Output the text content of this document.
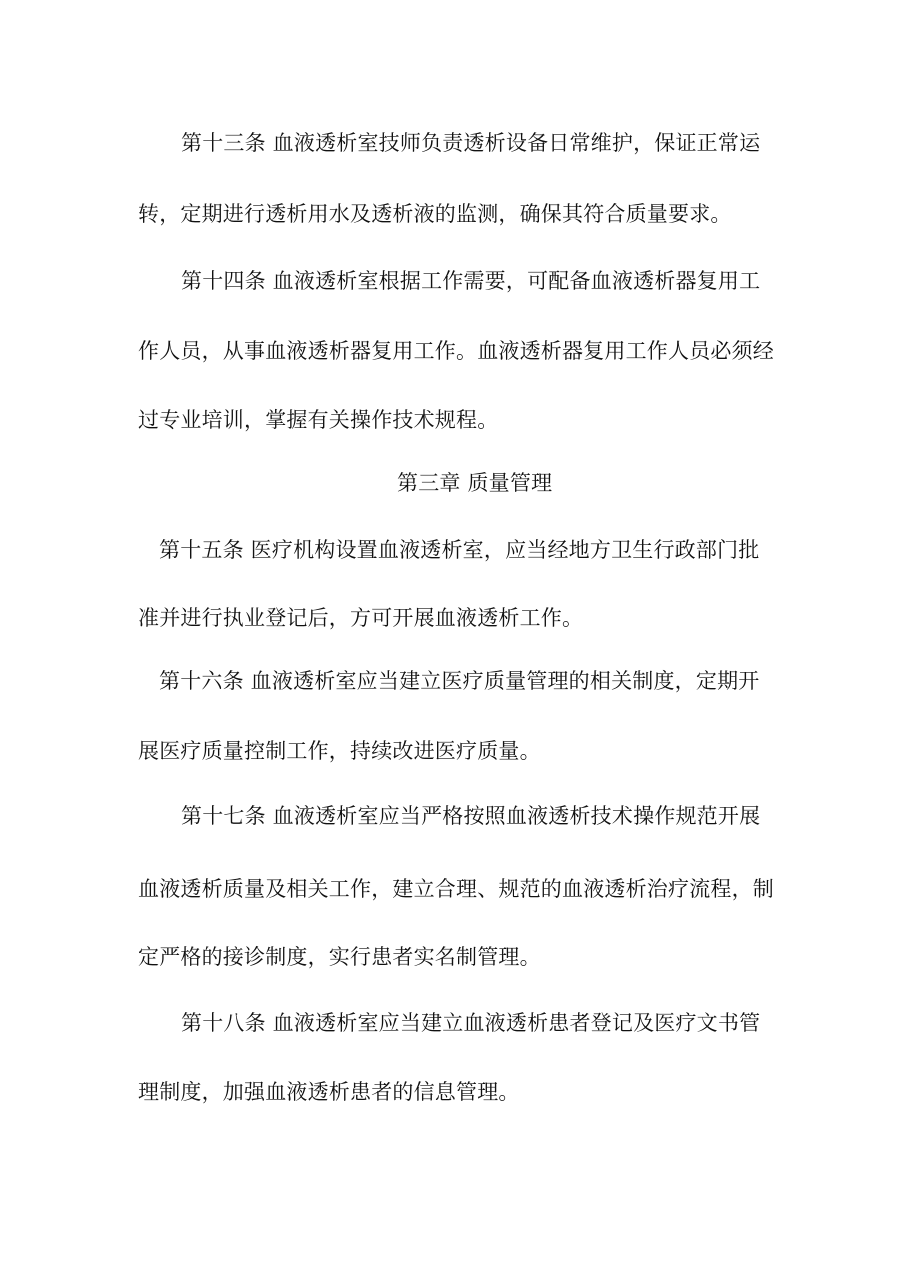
第十三条 血液透析室技师负责透析设备日常维护，保证正常运

转，定期进行透析用水及透析液的监测，确保其符合质量要求。

第十四条 血液透析室根据工作需要，可配备血液透析器复用工

作人员，从事血液透析器复用工作。血液透析器复用工作人员必须经

过专业培训，掌握有关操作技术规程。

第三章 质量管理

第十五条 医疗机构设置血液透析室，应当经地方卫生行政部门批

准并进行执业登记后，方可开展血液透析工作。

第十六条 血液透析室应当建立医疗质量管理的相关制度，定期开

展医疗质量控制工作，持续改进医疗质量。

第十七条 血液透析室应当严格按照血液透析技术操作规范开展

血液透析质量及相关工作，建立合理、规范的血液透析治疗流程，制

定严格的接诊制度，实行患者实名制管理。

第十八条 血液透析室应当建立血液透析患者登记及医疗文书管

理制度，加强血液透析患者的信息管理。
